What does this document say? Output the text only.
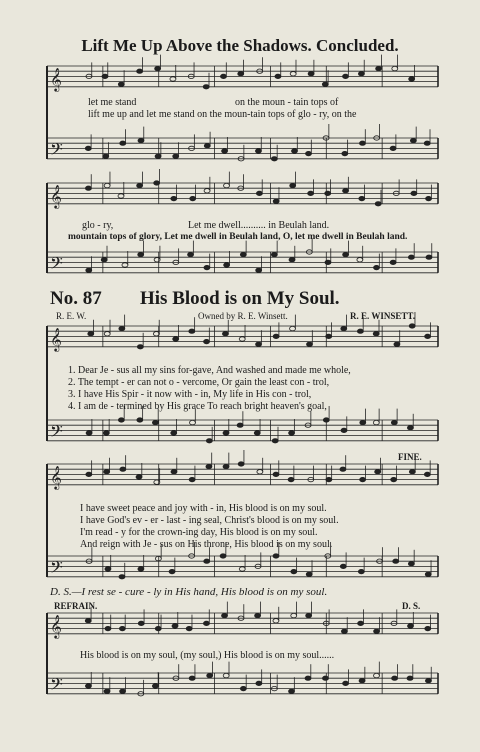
𝄞
𝄢
𝄞
𝄢
𝄞
𝄢
𝄞
𝄢
𝄞
𝄢
Lift Me Up Above the Shadows. Concluded.
let me stand	on the moun - tain tops of
lift me up and let me stand on the moun-tain tops of glo - ry, on the
glo - ry,	Let me dwell.......... in Beulah land.
mountain tops of glory, Let me dwell in Beulah land, O, let me dwell in Beulah land.
No. 87 His Blood is on My Soul.
R. E. W.	Owned by R. E. Winsett.	R. E. WINSETT.
1. Dear Je - sus all my sins for-gave, And washed and made me whole,
2. The tempt - er can not o - vercome, Or gain the least con - trol,
3. I have His Spir - it now with - in, My life in His con - trol,
4. I am de - termined by His grace To reach bright heaven's goal,
FINE.
I have sweet peace and joy with - in, His blood is on my soul.
I have God's ev - er - last - ing seal, Christ's blood is on my soul.
I'm read - y for the crown-ing day, His blood is on my soul.
And reign with Je - sus on His throne, His blood is on my soul.
D. S.—I rest se - cure - ly in His hand, His blood is on my soul.
REFRAIN.	D. S.
His blood is on my soul, (my soul,) His blood is on my soul......
